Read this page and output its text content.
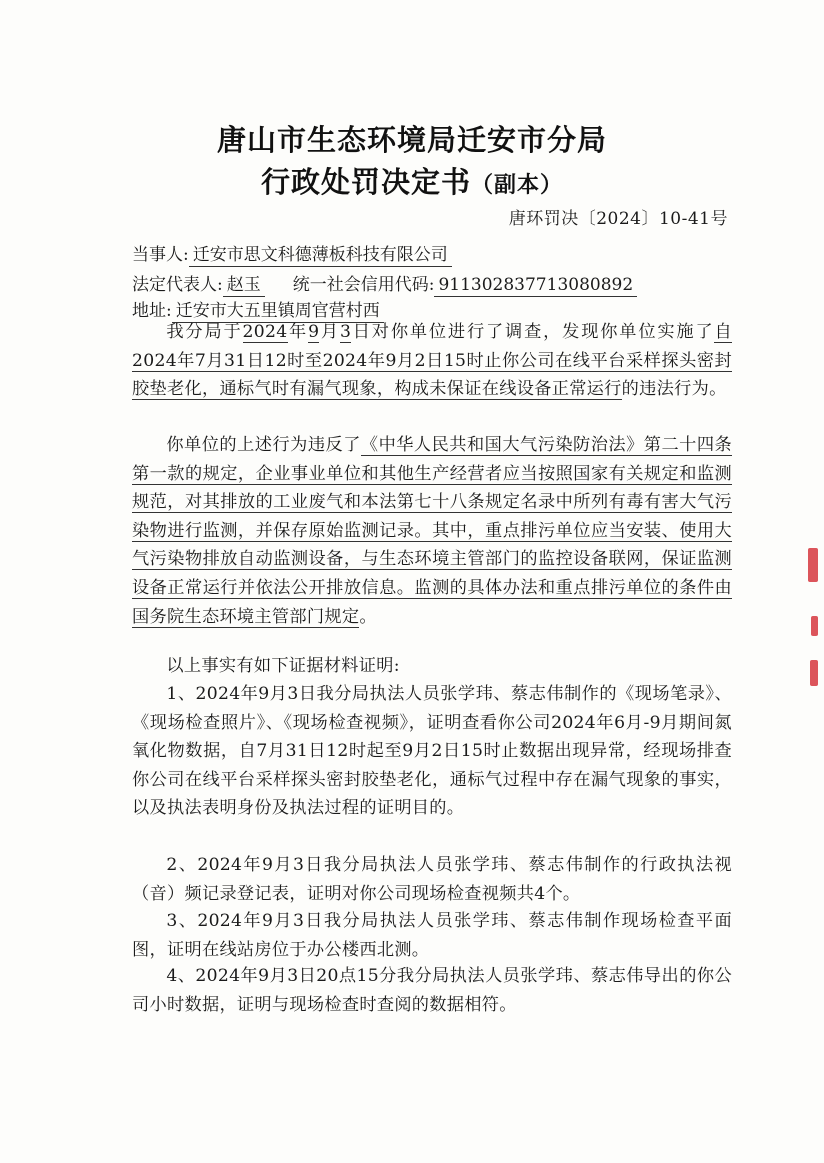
唐山市生态环境局迁安市分局
行政处罚决定书（副本）
唐环罚决〔2024〕10-41号
当事人: 迁安市思文科德薄板科技有限公司
法定代表人: 赵玉 统一社会信用代码: 911302837713080892
地址: 迁安市大五里镇周官营村西

我分局于2024年9月3日对你单位进行了调查，发现你单位实施了自2024年7月31日12时至2024年9月2日15时止你公司在线平台采样探头密封胶垫老化，通标气时有漏气现象，构成未保证在线设备正常运行的违法行为。

你单位的上述行为违反了《中华人民共和国大气污染防治法》第二十四条第一款的规定，企业事业单位和其他生产经营者应当按照国家有关规定和监测规范，对其排放的工业废气和本法第七十八条规定名录中所列有毒有害大气污染物进行监测，并保存原始监测记录。其中，重点排污单位应当安装、使用大气污染物排放自动监测设备，与生态环境主管部门的监控设备联网，保证监测设备正常运行并依法公开排放信息。监测的具体办法和重点排污单位的条件由国务院生态环境主管部门规定。

以上事实有如下证据材料证明:

1、2024年9月3日我分局执法人员张学玮、蔡志伟制作的《现场笔录》、《现场检查照片》、《现场检查视频》，证明查看你公司2024年6月-9月期间氮氧化物数据，自7月31日12时起至9月2日15时止数据出现异常，经现场排查你公司在线平台采样探头密封胶垫老化，通标气过程中存在漏气现象的事实，以及执法表明身份及执法过程的证明目的。

2、2024年9月3日我分局执法人员张学玮、蔡志伟制作的行政执法视（音）频记录登记表，证明对你公司现场检查视频共4个。

3、2024年9月3日我分局执法人员张学玮、蔡志伟制作现场检查平面图，证明在线站房位于办公楼西北测。

4、2024年9月3日20点15分我分局执法人员张学玮、蔡志伟导出的你公司小时数据，证明与现场检查时查阅的数据相符。
